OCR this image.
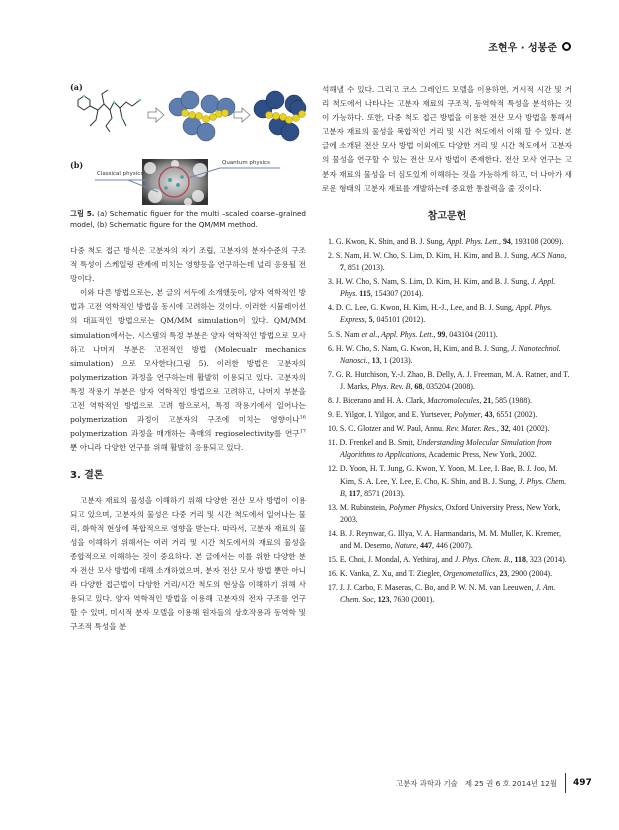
조현우 · 성봉준
(a)
(b)
Classical physics
Quantum physics
그림 5. (a) Schematic figuer for the multi –scaled coarse–grained model, (b) Schematic figure for the QM/MM method.

다중 척도 접근 방식은 고분자의 자기 조립, 고분자의 분자수준의 구조적 특성이 스케일링 관계에 미치는 영향등을 연구하는데 널리 응용될 전망이다.

이와 다른 방법으로는, 본 글의 서두에 소개했듯이, 양자 역학적인 방법과 고전 역학적인 방법을 동시에 고려하는 것이다. 이러한 시뮬레이션의 대표적인 방법으로는 QM/MM simulation이 있다. QM/MM simulation에서는, 시스템의 특정 부분은 양자 역학적인 방법으로 모사하고 나머지 부분은 고전적인 방법 (Molecualr mechanics simulation) 으로 모사한다(그림 5). 이러한 방법은 고분자의 polymerization 과정을 연구하는데 활발히 이용되고 있다. 고분자의 특정 작용기 부분은 양자 역학적인 방법으로 고려하고, 나머지 부분을 고전 역학적인 방법으로 고려 함으로서, 특정 작용기에서 일어나는 polymerization 과정이 고분자의 구조에 미치는 영향이나$^{16}$ polymerization 과정을 매개하는 촉매의 regioselectivity를 연구$^{17}$ 뿐 아니라 다양한 연구를 위해 활발히 응용되고 있다.

3. 결론

고분자 재료의 물성을 이해하기 위해 다양한 전산 모사 방법이 이용되고 있으며, 고분자의 물성은 다중 거리 및 시간 척도에서 일어나는 물리, 화학적 현상에 복합적으로 영향을 받는다. 따라서, 고분자 재료의 물성을 이해하기 위해서는 여러 거리 및 시간 척도에서의 재료의 물성을 종합적으로 이해하는 것이 중요하다. 본 글에서는 이를 위한 다양한 분자 전산 모사 방법에 대해 소개하였으며, 분자 전산 모사 방법 뿐만 아니라 다양한 접근법이 다양한 거리/시간 척도의 현상을 이해하기 위해 사용되고 있다. 양자 역학적인 방법을 이용해 고분자의 전자 구조를 연구할 수 있며, 미시적 분자 모델을 이용해 원자들의 상호작용과 동역학 및 구조적 특성을 분

석해낼 수 있다. 그리고 코스 그레인드 모델을 이용하면, 거시적 시간 및 거리 척도에서 나타나는 고분자 재료의 구조적, 동역학적 특성을 분석하는 것이 가능하다. 또한, 다중 척도 접근 방법을 이용한 전산 모사 방법을 통해서 고분자 재료의 물성을 복합적인 거리 및 시간 척도에서 이해 할 수 있다. 본 글에 소개된 전산 모사 방법 이외에도 다양한 거리 및 시간 척도에서 고분자의 물성을 연구할 수 있는 전산 모사 방법이 존재한다. 전산 모사 연구는 고분자 재료의 물성을 더 심도있게 이해하는 것을 가능하게 하고, 더 나아가 새로운 형태의 고분자 재료를 개발하는데 중요한 통찰력을 줄 것이다.

참고문헌
1. G. Kwon, K. Shin, and B. J. Sung, Appl. Phys. Lett., 94, 193108 (2009).
2. S. Nam, H. W. Cho, S. Lim, D. Kim, H. Kim, and B. J. Sung, ACS Nano, 7, 851 (2013).
3. H. W. Cho, S. Nam, S. Lim, D. Kim, H. Kim, and B. J. Sung, J. Appl. Phys. 115, 154307 (2014).
4. D. C. Lee, G. Kwon, H. Kim, H.-J., Lee, and B. J. Sung, Appl. Phys. Express, 5, 045101 (2012).
5. S. Nam et al., Appl. Phys. Lett., 99, 043104 (2011).
6. H. W. Cho, S. Nam, G. Kwon, H, Kim, and B. J. Sung, J. Nanotechnol. Nanosci., 13, 1 (2013).
7. G. R. Hutchison, Y.-J. Zhao, B. Delly, A. J. Freeman, M. A. Ratner, and T. J. Marks, Phys. Rev. B, 68, 035204 (2008).
8. J. Bicerano and H. A. Clark, Macromolecules, 21, 585 (1988).
9. E. Yilgor, I. Yilgor, and E. Yurtsever, Polymer, 43, 6551 (2002).
10. S. C. Glotzer and W. Paul, Annu. Rev. Mater. Res., 32, 401 (2002).
11. D. Frenkel and B. Smit, Understanding Molecular Simulation from Algorithms to Applications, Academic Press, New York, 2002.
12. D. Yoon, H. T. Jung, G. Kwon, Y. Yoon, M. Lee, I. Bae, B. J. Joo, M. Kim, S. A. Lee, Y. Lee, E. Cho, K. Shin, and B. J. Sung, J. Phys. Chem. B, 117, 8571 (2013).
13. M. Rubinstein, Polymer Physics, Oxford University Press, New York, 2003.
14. B. J. Reynwar, G. Illya, V. A. Harmandaris, M. M. Muller, K. Kremer, and M. Deserno, Nature, 447, 446 (2007).
15. E. Choi, J. Mondal, A. Yethiraj, and J. Phys. Chem. B., 118, 323 (2014).
16. K. Vanka, Z. Xu, and T. Ziegler, Orgenometallics, 23, 2900 (2004).
17. J. J. Carbo, F. Maseras, C. Bo, and P. W. N. M. van Leeuwen, J. Am. Chem. Soc, 123, 7630 (2001).
고분자 과학과 기술   제 25 권 6 호 2014년 12월 497
